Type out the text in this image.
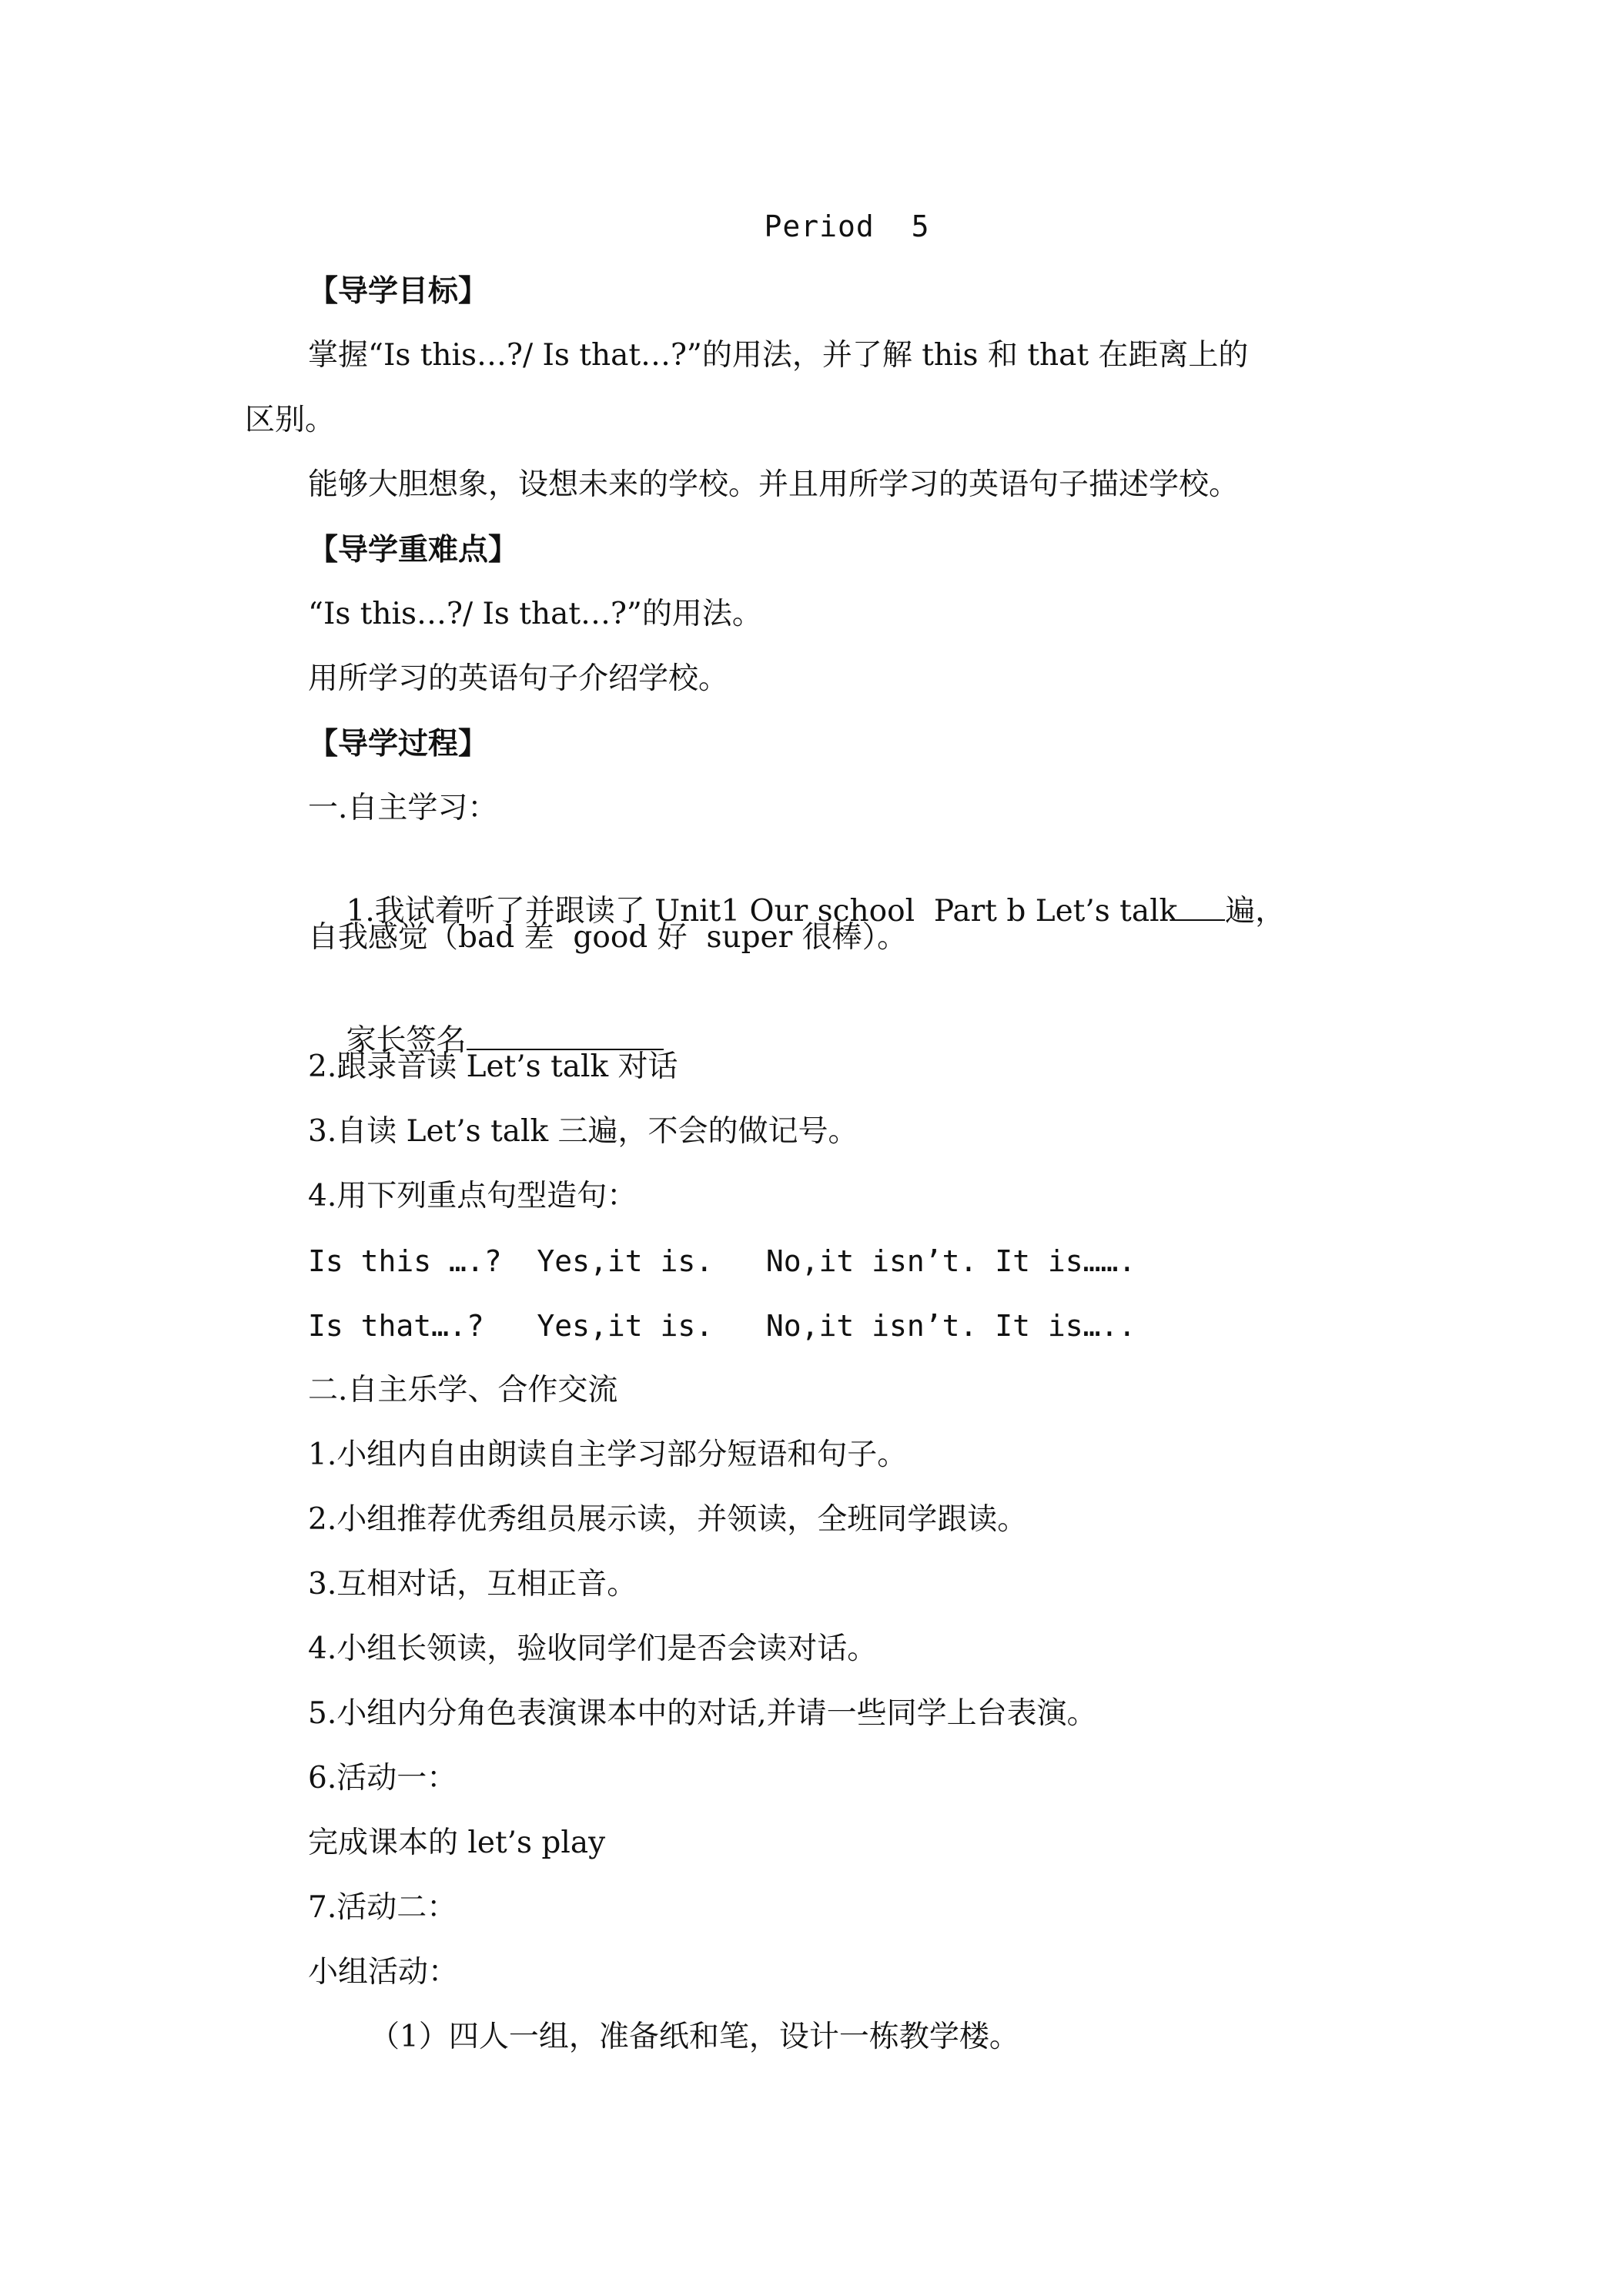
Period  5
【导学目标】
掌握“Is this…?/ Is that…?”的用法，并了解 this 和 that 在距离上的
区别。
能够大胆想象，设想未来的学校。并且用所学习的英语句子描述学校。
【导学重难点】
“Is this…?/ Is that…?”的用法。
用所学习的英语句子介绍学校。
【导学过程】
一.自主学习：

1.我试着听了并跟读了 Unit1 Our school  Part b Let’s talk 遍，

自我感觉（bad 差  good 好  super 很棒）。

家长签名

2.跟录音读 Let’s talk 对话
3.自读 Let’s talk 三遍，不会的做记号。
4.用下列重点句型造句：
Is this ….?  Yes,it is.   No,it isn’t. It is…….
Is that….?   Yes,it is.   No,it isn’t. It is…..
二.自主乐学、合作交流
1.小组内自由朗读自主学习部分短语和句子。
2.小组推荐优秀组员展示读，并领读，全班同学跟读。
3.互相对话，互相正音。
4.小组长领读，验收同学们是否会读对话。
5.小组内分角色表演课本中的对话,并请一些同学上台表演。
6.活动一：
完成课本的 let’s play
7.活动二：
小组活动：
（1）四人一组，准备纸和笔，设计一栋教学楼。
